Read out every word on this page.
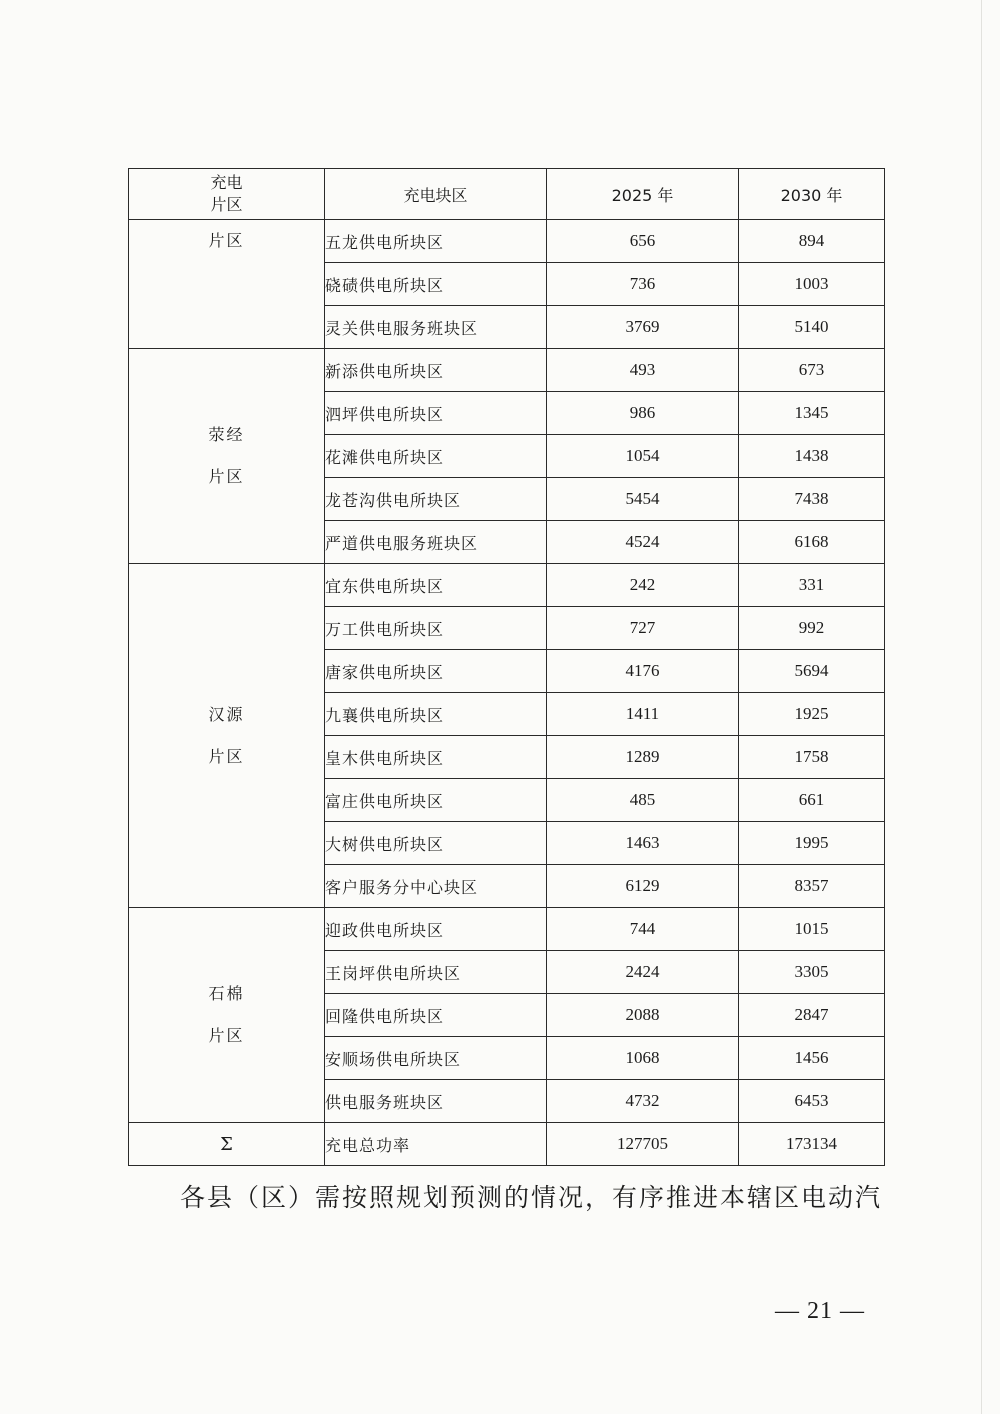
充电
片区	充电块区	2025 年	2030 年

片区	五龙供电所块区	656	894
	硗碛供电所块区	736	1003
	灵关供电服务班块区	3769	5140

荥经
片区	新添供电所块区	493	673
	泗坪供电所块区	986	1345
	花滩供电所块区	1054	1438
	龙苍沟供电所块区	5454	7438
	严道供电服务班块区	4524	6168

汉源
片区	宜东供电所块区	242	331
	万工供电所块区	727	992
	唐家供电所块区	4176	5694
	九襄供电所块区	1411	1925
	皇木供电所块区	1289	1758
	富庄供电所块区	485	661
	大树供电所块区	1463	1995
	客户服务分中心块区	6129	8357

石棉
片区	迎政供电所块区	744	1015
	王岗坪供电所块区	2424	3305
	回隆供电所块区	2088	2847
	安顺场供电所块区	1068	1456
	供电服务班块区	4732	6453
Σ	充电总功率	127705	173134
各县（区）需按照规划预测的情况，有序推进本辖区电动汽
— 21 —
